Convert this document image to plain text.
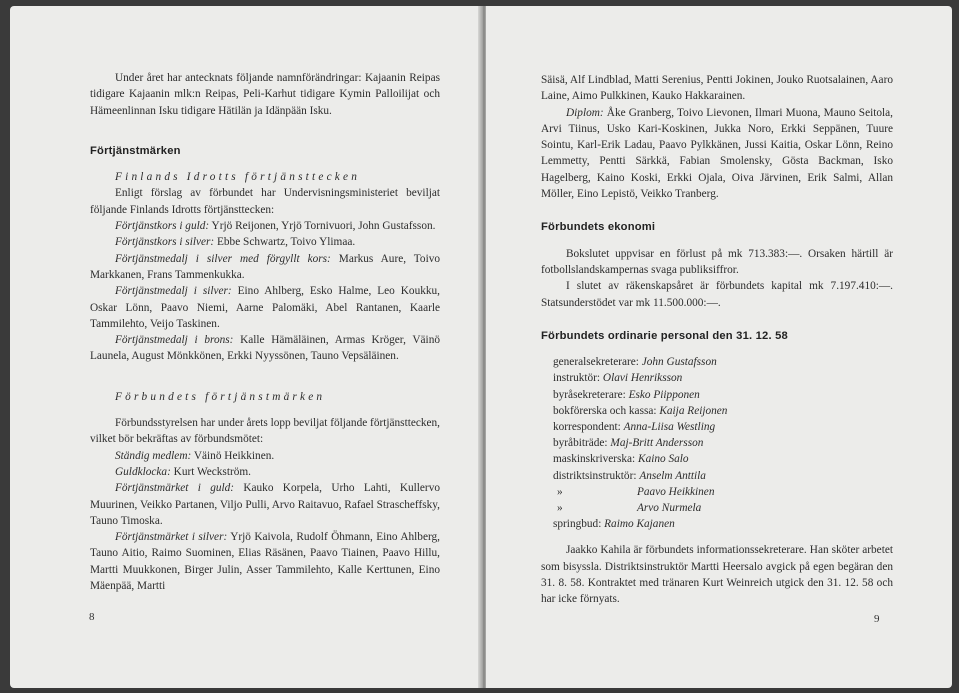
Under året har antecknats följande namnförändringar: Kajaanin Reipas tidigare Kajaanin mlk:n Reipas, Peli-Karhut tidigare Kymin Palloilijat och Hämeenlinnan Isku tidigare Hätilän ja Idänpään Isku.

Förtjänstmärken

Finlands Idrotts förtjänsttecken

Enligt förslag av förbundet har Undervisningsministeriet beviljat följande Finlands Idrotts förtjänsttecken:

Förtjänstkors i guld: Yrjö Reijonen, Yrjö Tornivuori, John Gustafsson.

Förtjänstkors i silver: Ebbe Schwartz, Toivo Ylimaa.

Förtjänstmedalj i silver med förgyllt kors: Markus Aure, Toivo Markkanen, Frans Tammenkukka.

Förtjänstmedalj i silver: Eino Ahlberg, Esko Halme, Leo Koukku, Oskar Lönn, Paavo Niemi, Aarne Palomäki, Abel Rantanen, Kaarle Tammilehto, Veijo Taskinen.

Förtjänstmedalj i brons: Kalle Hämäläinen, Armas Kröger, Väinö Launela, August Mönkkönen, Erkki Nyyssönen, Tauno Vepsäläinen.

Förbundets förtjänstmärken

Förbundsstyrelsen har under årets lopp beviljat följande förtjänsttecken, vilket bör bekräftas av förbundsmötet:

Ständig medlem: Väinö Heikkinen.

Guldklocka: Kurt Weckström.

Förtjänstmärket i guld: Kauko Korpela, Urho Lahti, Kullervo Muurinen, Veikko Partanen, Viljo Pulli, Arvo Raitavuo, Rafael Straschеffsky, Tauno Timoska.

Förtjänstmärket i silver: Yrjö Kaivola, Rudolf Öhmann, Eino Ahlberg, Tauno Aitio, Raimo Suominen, Elias Räsänen, Paavo Tiainen, Paavo Hillu, Martti Muukkonen, Birger Julin, Asser Tammilehto, Kalle Kerttunen, Eino Mäenpää, Martti

8

Säisä, Alf Lindblad, Matti Serenius, Pentti Jokinen, Jouko Ruotsalainen, Aaro Laine, Aimo Pulkkinen, Kauko Hakkarainen.

Diplom: Åke Granberg, Toivo Lievonen, Ilmari Muona, Mauno Seitola, Arvi Tiinus, Usko Kari-Koskinen, Jukka Noro, Erkki Seppänen, Tuure Sointu, Karl-Erik Ladau, Paavo Pylkkänen, Jussi Kaitia, Oskar Lönn, Reino Lemmetty, Pentti Särkkä, Fabian Smolensky, Gösta Backman, Isko Hagelberg, Kaino Koski, Erkki Ojala, Oiva Järvinen, Erik Salmi, Allan Möller, Eino Lepistö, Veikko Tranberg.

Förbundets ekonomi

Bokslutet uppvisar en förlust på mk 713.383:—. Orsaken härtill är fotbollslandskampernas svaga publiksiffror.

I slutet av räkenskapsåret är förbundets kapital mk 7.197.410:—. Statsunderstödet var mk 11.500.000:—.

Förbundets ordinarie personal den 31. 12. 58
generalsekreterare: John Gustafsson
instruktör: Olavi Henriksson
byråsekreterare: Esko Piipponen
bokförerska och kassa: Kaija Reijonen
korrespondent: Anna-Liisa Westling
byråbiträde: Maj-Britt Andersson
maskinskriverska: Kaino Salo
distriktsinstruktör: Anselm Anttila
»	Paavo Heikkinen
»	Arvo Nurmela
springbud: Raimo Kajanen

Jaakko Kahila är förbundets informationssekreterare. Han sköter arbetet som bisyssla. Distriktsinstruktör Martti Heersalo avgick på egen begäran den 31. 8. 58. Kontraktet med tränaren Kurt Weinreich utgick den 31. 12. 58 och har icke förnyats.

9
